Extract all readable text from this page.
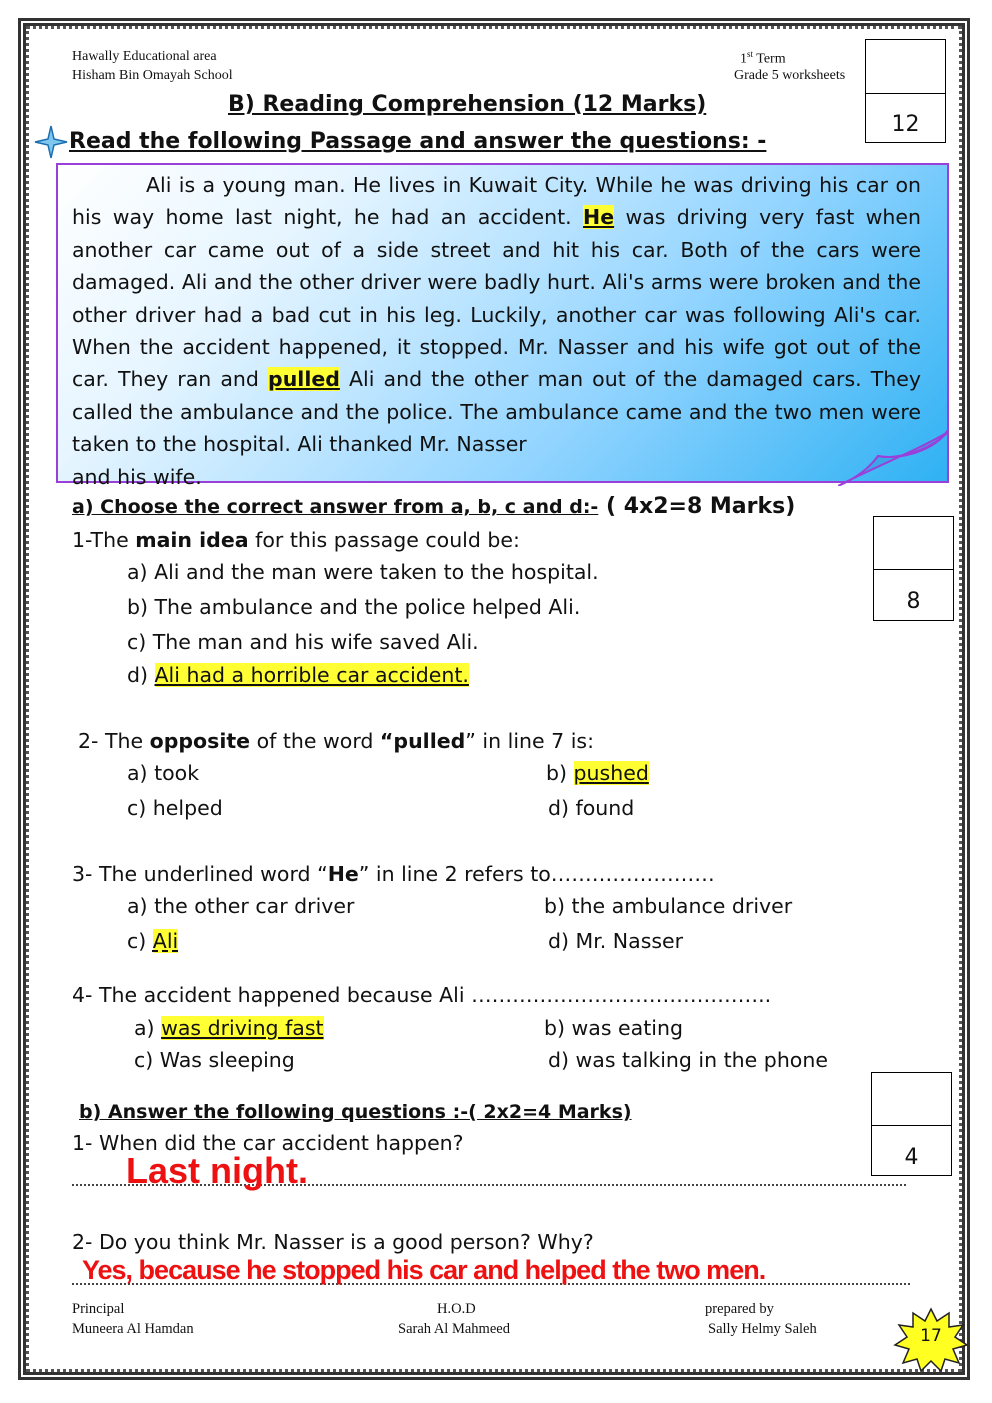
Hawally Educational area
Hisham Bin Omayah School
1st Term
Grade 5 worksheets
12
B) Reading Comprehension (12 Marks)
Read the following Passage and answer the questions: -
Ali is a young man. He lives in Kuwait City. While he was driving his car on his way home last night, he had an accident. He was driving very fast when another car came out of a side street and hit his car. Both of the cars were damaged. Ali and the other driver were badly hurt. Ali's arms were broken and the other driver had a bad cut in his leg. Luckily, another car was following Ali's car. When the accident happened, it stopped. Mr. Nasser and his wife got out of the car. They ran and pulled Ali and the other man out of the damaged cars. They called the ambulance and the police. The ambulance came and the two men were taken to the hospital. Ali thanked Mr. Nasser
and his wife.
a) Choose the correct answer from a, b, c and d:- ( 4x2=8 Marks)
8
1-The main idea for this passage could be:
a) Ali and the man were taken to the hospital.
b) The ambulance and the police helped Ali.
c) The man and his wife saved Ali.
d) Ali had a horrible car accident.
2- The opposite of the word “pulled” in line 7 is:
a) took	b) pushed
c) helped	d) found
3- The underlined word “He” in line 2 refers to……………………
a) the other car driver	b) the ambulance driver
c) Ali	d) Mr. Nasser
4- The accident happened because Ali ……………………………………..
a) was driving fast	b) was eating
c) Was sleeping	d) was talking in the phone
b) Answer the following questions :-( 2x2=4 Marks)
4
1- When did the car accident happen?
Last night.
2- Do you think Mr. Nasser is a good person? Why?
Yes, because he stopped his car and helped the two men.
Principal
Muneera Al Hamdan
H.O.D
Sarah Al Mahmeed
prepared by
Sally Helmy Saleh	17
